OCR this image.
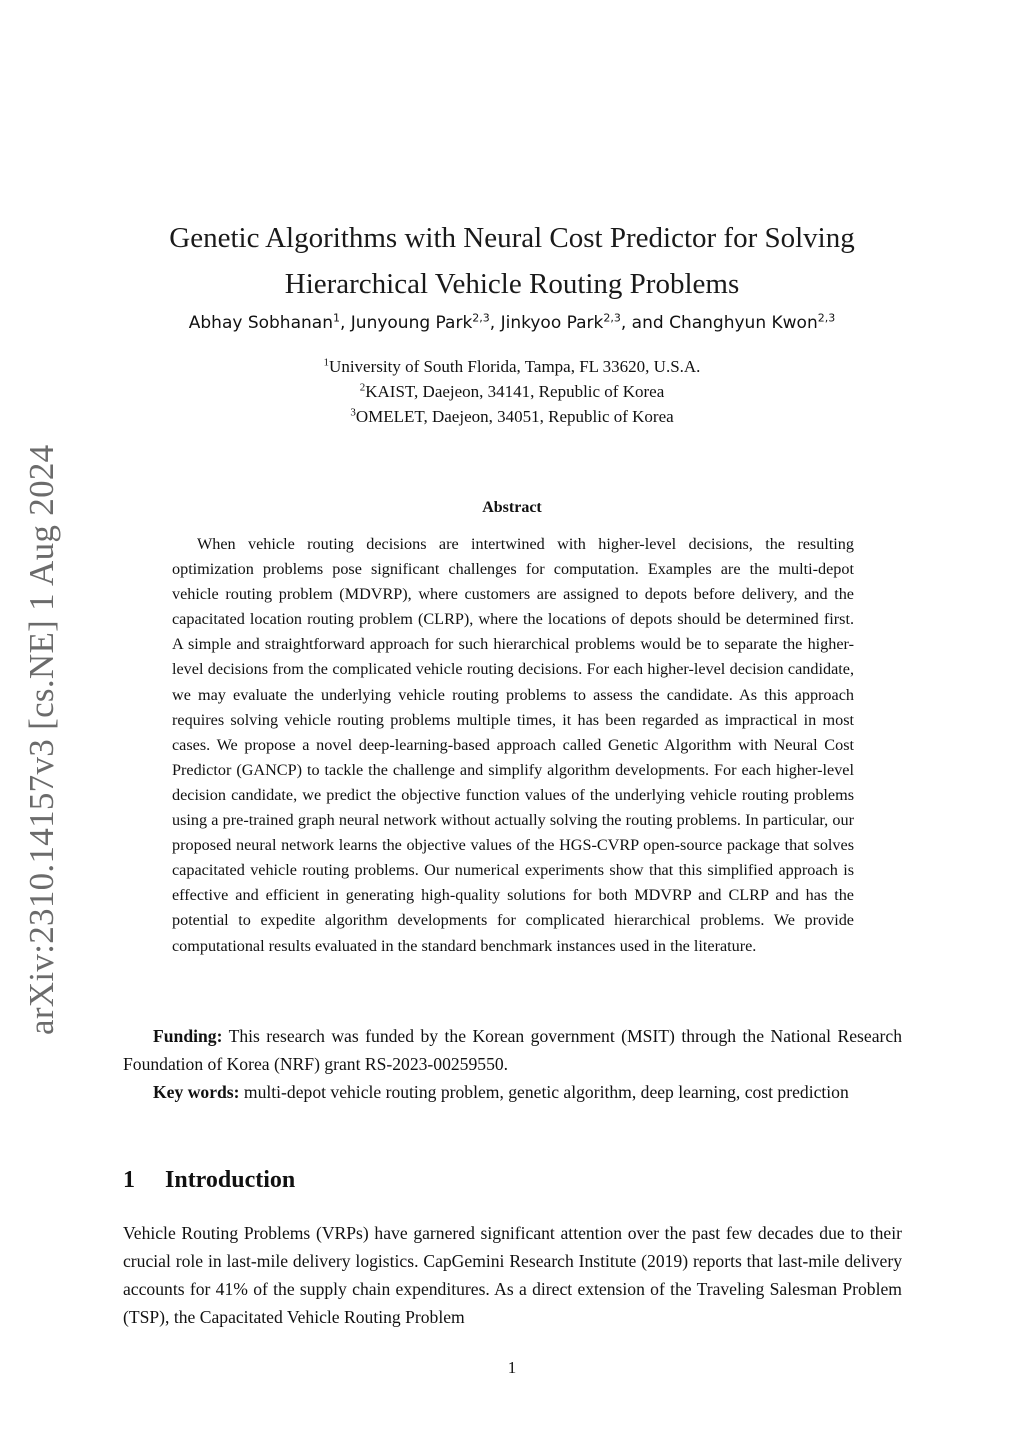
arXiv:2310.14157v3 [cs.NE] 1 Aug 2024
Genetic Algorithms with Neural Cost Predictor for Solving
Hierarchical Vehicle Routing Problems
Abhay Sobhanan$^1$, Junyoung Park$^{2,3}$, Jinkyoo Park$^{2,3}$, and Changhyun Kwon$^{2,3}$
$^1$University of South Florida, Tampa, FL 33620, U.S.A.
$^2$KAIST, Daejeon, 34141, Republic of Korea
$^3$OMELET, Daejeon, 34051, Republic of Korea
Abstract

When vehicle routing decisions are intertwined with higher-level decisions, the resulting optimization problems pose significant challenges for computation. Examples are the multi-depot vehicle routing problem (MDVRP), where customers are assigned to depots before delivery, and the capacitated location routing problem (CLRP), where the locations of depots should be determined first. A simple and straightforward approach for such hierarchical problems would be to separate the higher-level decisions from the complicated vehicle routing decisions. For each higher-level decision candidate, we may evaluate the underlying vehicle routing problems to assess the candidate. As this approach requires solving vehicle routing problems multiple times, it has been regarded as impractical in most cases. We propose a novel deep-learning-based approach called Genetic Algorithm with Neural Cost Predictor (GANCP) to tackle the challenge and simplify algorithm developments. For each higher-level decision candidate, we predict the objective function values of the underlying vehicle routing problems using a pre-trained graph neural network without actually solving the routing problems. In particular, our proposed neural network learns the objective values of the HGS-CVRP open-source package that solves capacitated vehicle routing problems. Our numerical experiments show that this simplified approach is effective and efficient in generating high-quality solutions for both MDVRP and CLRP and has the potential to expedite algorithm developments for complicated hierarchical problems. We provide computational results evaluated in the standard benchmark instances used in the literature.

Funding: This research was funded by the Korean government (MSIT) through the National Research Foundation of Korea (NRF) grant RS-2023-00259550.

Key words: multi-depot vehicle routing problem, genetic algorithm, deep learning, cost prediction

1 Introduction

Vehicle Routing Problems (VRPs) have garnered significant attention over the past few decades due to their crucial role in last-mile delivery logistics. CapGemini Research Institute (2019) reports that last-mile delivery accounts for 41% of the supply chain expenditures. As a direct extension of the Traveling Salesman Problem (TSP), the Capacitated Vehicle Routing Problem

1
